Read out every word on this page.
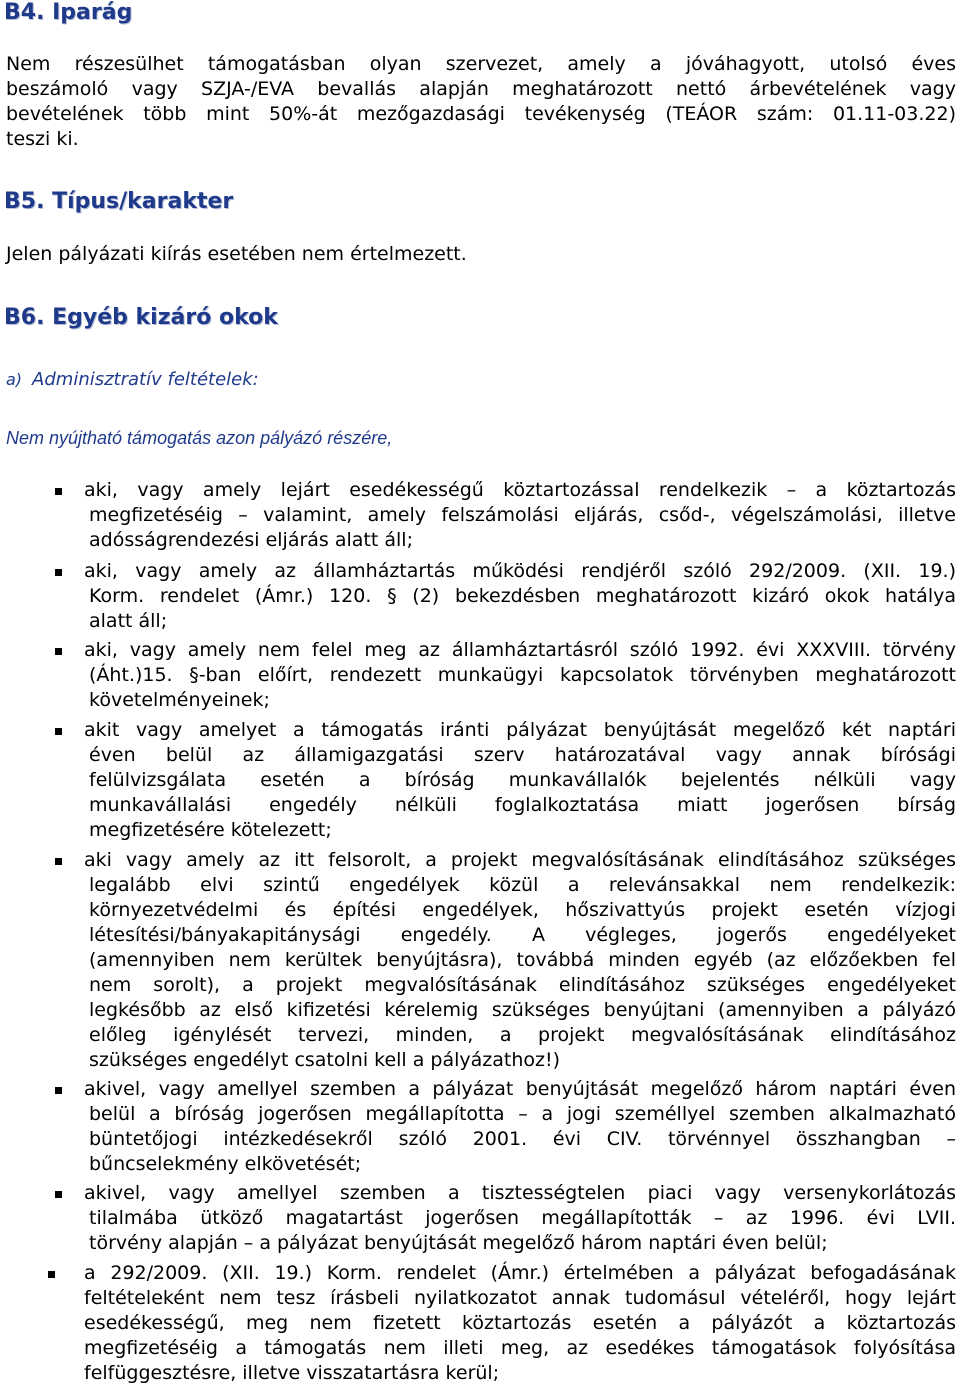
B4. Iparág
Nem részesülhet támogatásban olyan szervezet, amely a jóváhagyott, utolsó éves
beszámoló vagy SZJA-/EVA bevallás alapján meghatározott nettó árbevételének vagy
bevételének több mint 50%-át mezőgazdasági tevékenység (TEÁOR szám: 01.11-03.22)
teszi ki.
B5. Típus/karakter
Jelen pályázati kiírás esetében nem értelmezett.
B6. Egyéb kizáró okok
a) Adminisztratív feltételek:
Nem nyújtható támogatás azon pályázó részére,
aki, vagy amely lejárt esedékességű köztartozással rendelkezik – a köztartozás
megfizetéséig – valamint, amely felszámolási eljárás, csőd-, végelszámolási, illetve
adósságrendezési eljárás alatt áll;
aki, vagy amely az államháztartás működési rendjéről szóló 292/2009. (XII. 19.)
Korm. rendelet (Ámr.) 120. § (2) bekezdésben meghatározott kizáró okok hatálya
alatt áll;
aki, vagy amely nem felel meg az államháztartásról szóló 1992. évi XXXVIII. törvény
(Áht.)15. §-ban előírt, rendezett munkaügyi kapcsolatok törvényben meghatározott
követelményeinek;
akit vagy amelyet a támogatás iránti pályázat benyújtását megelőző két naptári
éven belül az államigazgatási szerv határozatával vagy annak bírósági
felülvizsgálata esetén a bíróság munkavállalók bejelentés nélküli vagy
munkavállalási engedély nélküli foglalkoztatása miatt jogerősen bírság
megfizetésére kötelezett;
aki vagy amely az itt felsorolt, a projekt megvalósításának elindításához szükséges
legalább elvi szintű engedélyek közül a relevánsakkal nem rendelkezik:
környezetvédelmi és építési engedélyek, hőszivattyús projekt esetén vízjogi
létesítési/bányakapitánysági engedély. A végleges, jogerős engedélyeket
(amennyiben nem kerültek benyújtásra), továbbá minden egyéb (az előzőekben fel
nem sorolt), a projekt megvalósításának elindításához szükséges engedélyeket
legkésőbb az első kifizetési kérelemig szükséges benyújtani (amennyiben a pályázó
előleg igénylését tervezi, minden, a projekt megvalósításának elindításához
szükséges engedélyt csatolni kell a pályázathoz!)
akivel, vagy amellyel szemben a pályázat benyújtását megelőző három naptári éven
belül a bíróság jogerősen megállapította – a jogi személlyel szemben alkalmazható
büntetőjogi intézkedésekről szóló 2001. évi CIV. törvénnyel összhangban –
bűncselekmény elkövetését;
akivel, vagy amellyel szemben a tisztességtelen piaci vagy versenykorlátozás
tilalmába ütköző magatartást jogerősen megállapították – az 1996. évi LVII.
törvény alapján – a pályázat benyújtását megelőző három naptári éven belül;
a 292/2009. (XII. 19.) Korm. rendelet (Ámr.) értelmében a pályázat befogadásának
feltételeként nem tesz írásbeli nyilatkozatot annak tudomásul vételéről, hogy lejárt
esedékességű, meg nem fizetett köztartozás esetén a pályázót a köztartozás
megfizetéséig a támogatás nem illeti meg, az esedékes támogatások folyósítása
felfüggesztésre, illetve visszatartásra kerül;
